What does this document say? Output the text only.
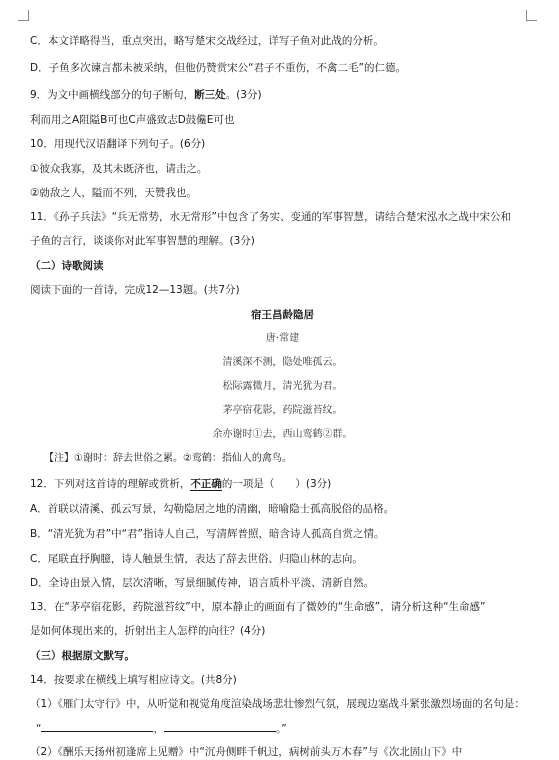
C．本文详略得当，重点突出，略写楚宋交战经过，详写子鱼对此战的分析。
D．子鱼多次谏言都未被采纳，但他仍赞赏宋公“君子不重伤，不禽二毛”的仁德。
9．为文中画横线部分的句子断句，断三处。(3分)
利而用之A阻隘B可也C声盛致志D鼓儳E可也
10．用现代汉语翻译下列句子。(6分)
①彼众我寡，及其未既济也，请击之。
②勍敌之人，隘而不列，天赞我也。
11．《孙子兵法》“兵无常势，水无常形”中包含了务实、变通的军事智慧，请结合楚宋泓水之战中宋公和
子鱼的言行，谈谈你对此军事智慧的理解。(3分)
（二）诗歌阅读
阅读下面的一首诗，完成12—13题。(共7分)
宿王昌龄隐居
唐·常建
清溪深不测，隐处唯孤云。
松际露微月，清光犹为君。
茅亭宿花影，药院滋苔纹。
余亦谢时①去，西山鸾鹤②群。
【注】①谢时：辞去世俗之累。②鸾鹤：指仙人的禽鸟。
12．下列对这首诗的理解或赏析，不正确的一项是（　　）(3分)
A．首联以清溪、孤云写景，勾勒隐居之地的清幽，暗喻隐士孤高脱俗的品格。
B．“清光犹为君”中“君”指诗人自己，写清辉普照，暗含诗人孤高自赏之情。
C．尾联直抒胸臆，诗人触景生情，表达了辞去世俗、归隐山林的志向。
D．全诗由景入情，层次清晰，写景细腻传神，语言质朴平淡、清新自然。
13．在“茅亭宿花影，药院滋苔纹”中，原本静止的画面有了微妙的“生命感”，请分析这种“生命感”
是如何体现出来的，折射出主人怎样的向往？(4分)
（三）根据原文默写。
14．按要求在横线上填写相应诗文。(共8分)
（1）《雁门太守行》中，从听觉和视觉角度渲染战场悲壮惨烈气氛，展现边塞战斗紧张激烈场面的名句是：
“	，	。”
（2）《酬乐天扬州初逢席上见赠》中“沉舟侧畔千帆过，病树前头万木春”与《次北固山下》中
